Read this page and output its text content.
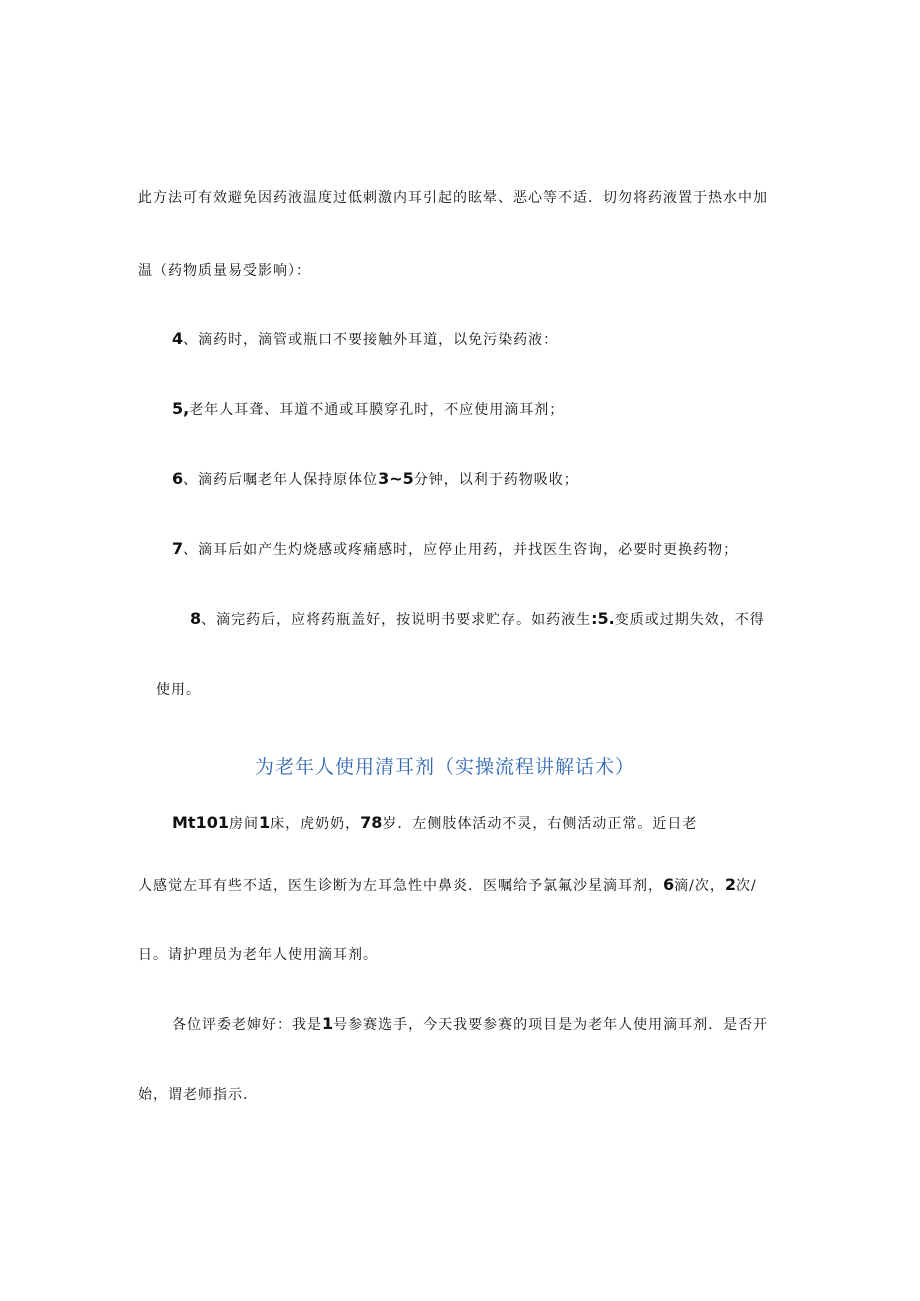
此方法可有效避免因药液温度过低刺激内耳引起的眩晕、恶心等不适．切勿将药液置于热水中加
温（药物质量易受影响）：
4、滴药时，滴管或瓶口不要接触外耳道，以免污染药液：
5,老年人耳聋、耳道不通或耳膜穿孔时，不应使用滴耳剂；
6、滴药后嘱老年人保持原体位3~5分钟，以利于药物吸收；
7、滴耳后如产生灼烧感或疼痛感时，应停止用药，并找医生咨询，必要时更换药物；
8、滴完药后，应将药瓶盖好，按说明书要求贮存。如药液生:5.变质或过期失效，不得
使用。
为老年人使用清耳剂（实操流程讲解话术）
Mt101房间1床，虎奶奶，78岁．左侧肢体活动不灵，右侧活动正常。近日老
人感觉左耳有些不适，医生诊断为左耳急性中鼻炎．医嘱给予氯氟沙星滴耳剂，6滴/次，2次/
日。请护理员为老年人使用滴耳剂。
各位评委老婶好：我是1号参赛选手，今天我要参赛的项目是为老年人使用滴耳剂．是否开
始，谓老师指示.
